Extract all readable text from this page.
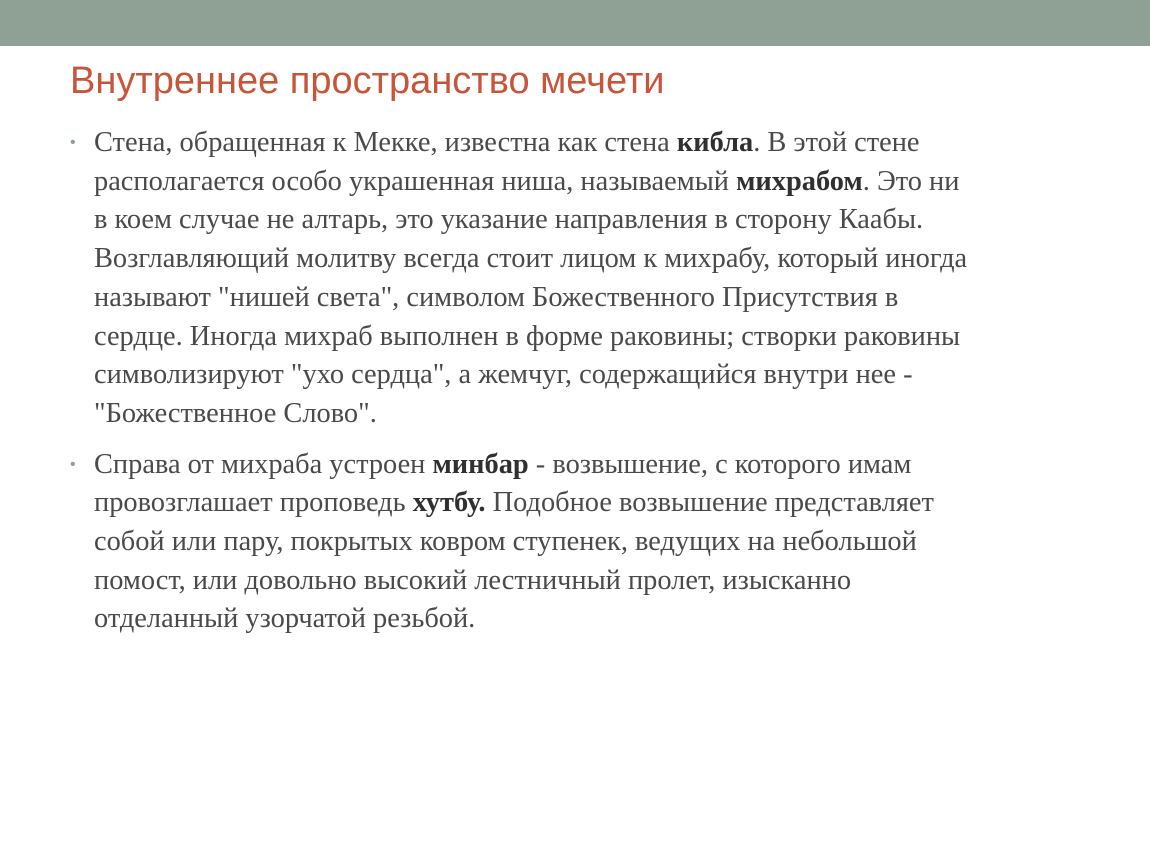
Внутреннее пространство мечети
• Стена, обращенная к Мекке, известна как стена кибла. В этой стене
располагается особо украшенная ниша, называемый михрабом. Это ни
в коем случае не алтарь, это указание направления в сторону Каабы.
Возглавляющий молитву всегда стоит лицом к михрабу, который иногда
называют "нишей света", символом Божественного Присутствия в
сердце. Иногда михраб выполнен в форме раковины; створки раковины
символизируют "ухо сердца", а жемчуг, содержащийся внутри нее -
"Божественное Слово".
• Справа от михраба устроен минбар - возвышение, с которого имам
провозглашает проповедь хутбу. Подобное возвышение представляет
собой или пару, покрытых ковром ступенек, ведущих на небольшой
помост, или довольно высокий лестничный пролет, изысканно
отделанный узорчатой резьбой.
